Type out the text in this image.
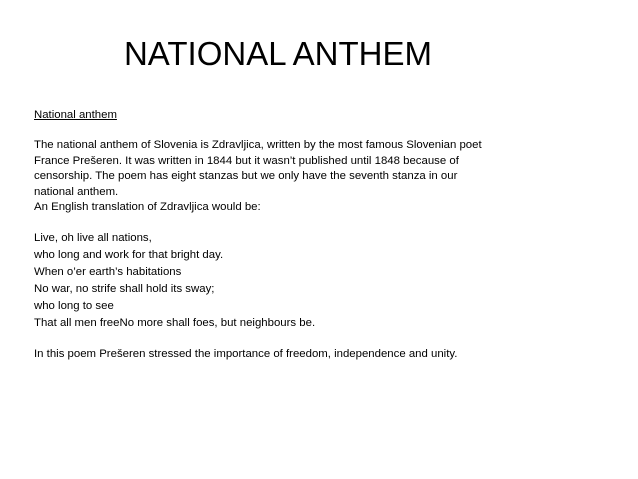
NATIONAL ANTHEM
National anthem
The national anthem of Slovenia is Zdravljica, written by the most famous Slovenian poet
France Prešeren. It was written in 1844 but it wasn’t published until 1848 because of
censorship. The poem has eight stanzas but we only have the seventh stanza in our
national anthem.
An English translation of Zdravljica would be:
Live, oh live all nations,
who long and work for that bright day.
When o’er earth’s habitations
No war, no strife shall hold its sway;
who long to see
That all men freeNo more shall foes, but neighbours be.
In this poem Prešeren stressed the importance of freedom, independence and unity.
